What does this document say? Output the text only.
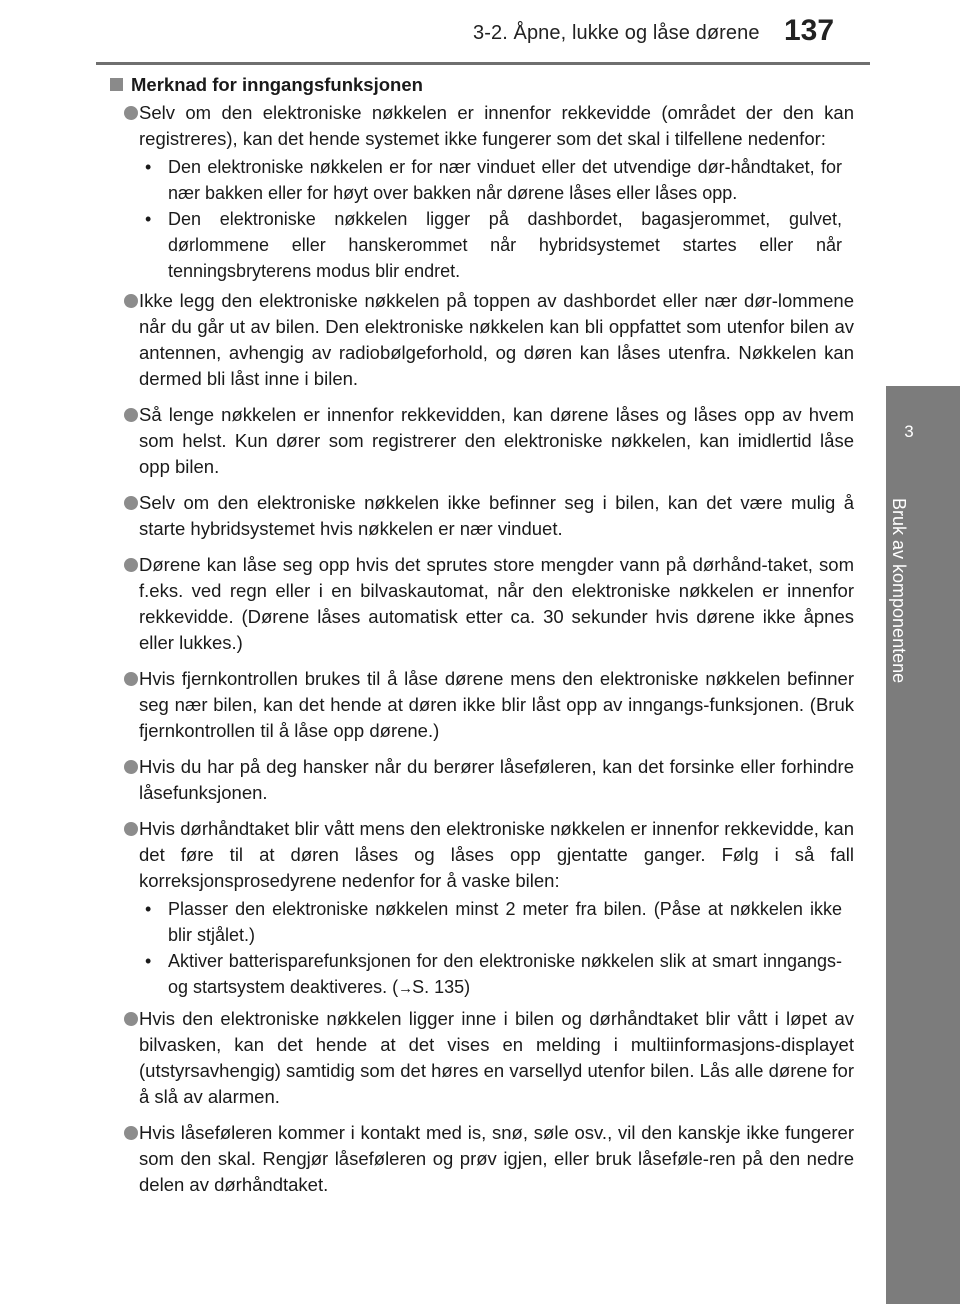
3-2. Åpne, lukke og låse dørene 137
3
Bruk av komponentene
Merknad for inngangsfunksjonen
Selv om den elektroniske nøkkelen er innenfor rekkevidde (området der den kan registreres), kan det hende systemet ikke fungerer som det skal i tilfellene nedenfor:
• Den elektroniske nøkkelen er for nær vinduet eller det utvendige dør-håndtaket, for nær bakken eller for høyt over bakken når dørene låses eller låses opp.
• Den elektroniske nøkkelen ligger på dashbordet, bagasjerommet, gulvet, dørlommene eller hanskerommet når hybridsystemet startes eller når tenningsbryterens modus blir endret.
Ikke legg den elektroniske nøkkelen på toppen av dashbordet eller nær dør-lommene når du går ut av bilen. Den elektroniske nøkkelen kan bli oppfattet som utenfor bilen av antennen, avhengig av radiobølgeforhold, og døren kan låses utenfra. Nøkkelen kan dermed bli låst inne i bilen.
Så lenge nøkkelen er innenfor rekkevidden, kan dørene låses og låses opp av hvem som helst. Kun dører som registrerer den elektroniske nøkkelen, kan imidlertid låse opp bilen.
Selv om den elektroniske nøkkelen ikke befinner seg i bilen, kan det være mulig å starte hybridsystemet hvis nøkkelen er nær vinduet.
Dørene kan låse seg opp hvis det sprutes store mengder vann på dørhånd-taket, som f.eks. ved regn eller i en bilvaskautomat, når den elektroniske nøkkelen er innenfor rekkevidde. (Dørene låses automatisk etter ca. 30 sekunder hvis dørene ikke åpnes eller lukkes.)
Hvis fjernkontrollen brukes til å låse dørene mens den elektroniske nøkkelen befinner seg nær bilen, kan det hende at døren ikke blir låst opp av inngangs-funksjonen. (Bruk fjernkontrollen til å låse opp dørene.)
Hvis du har på deg hansker når du berører låseføleren, kan det forsinke eller forhindre låsefunksjonen.
Hvis dørhåndtaket blir vått mens den elektroniske nøkkelen er innenfor rekkevidde, kan det føre til at døren låses og låses opp gjentatte ganger. Følg i så fall korreksjonsprosedyrene nedenfor for å vaske bilen:
• Plasser den elektroniske nøkkelen minst 2 meter fra bilen. (Påse at nøkkelen ikke blir stjålet.)
• Aktiver batterisparefunksjonen for den elektroniske nøkkelen slik at smart inngangs- og startsystem deaktiveres. (→S. 135)
Hvis den elektroniske nøkkelen ligger inne i bilen og dørhåndtaket blir vått i løpet av bilvasken, kan det hende at det vises en melding i multiinformasjons-displayet (utstyrsavhengig) samtidig som det høres en varsellyd utenfor bilen. Lås alle dørene for å slå av alarmen.
Hvis låseføleren kommer i kontakt med is, snø, søle osv., vil den kanskje ikke fungerer som den skal. Rengjør låseføleren og prøv igjen, eller bruk låseføle-ren på den nedre delen av dørhåndtaket.
